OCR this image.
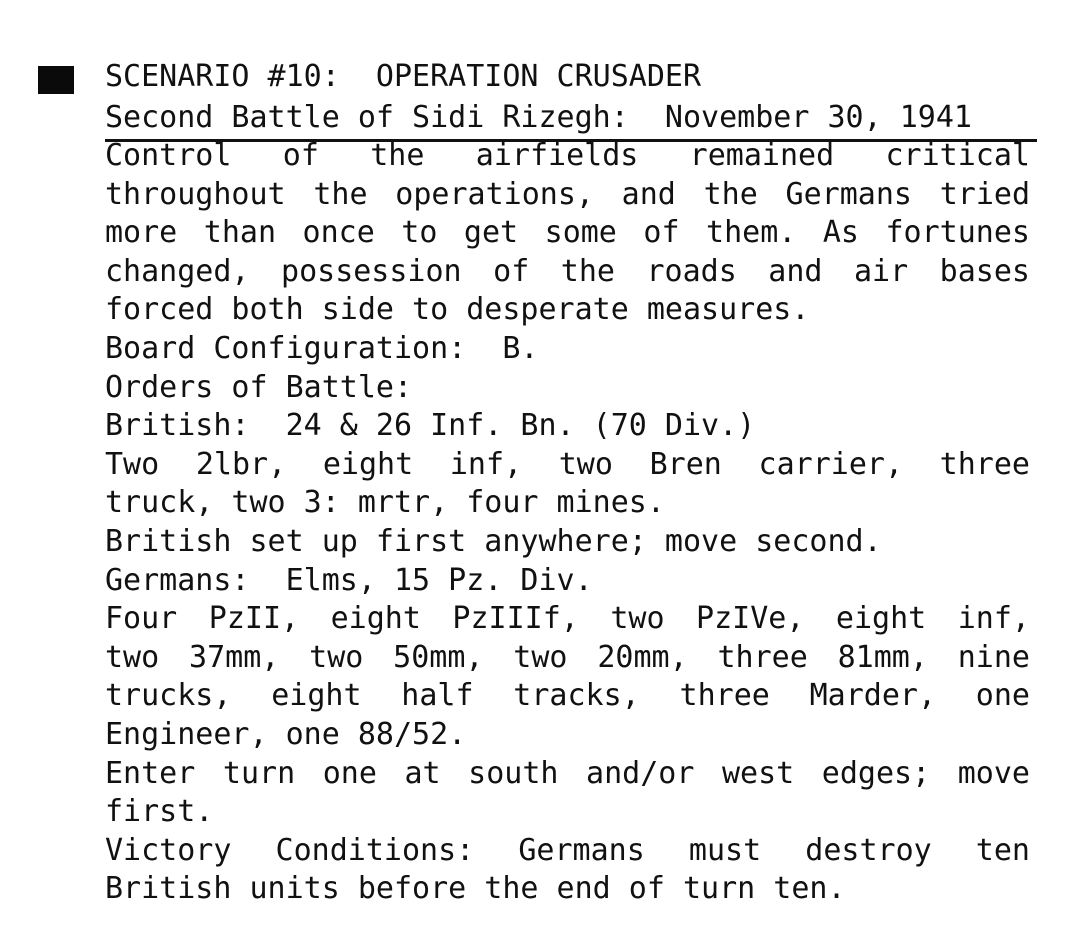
SCENARIO #10:  OPERATION CRUSADER
Second Battle of Sidi Rizegh:  November 30, 1941
Control of the airfields remained critical
throughout the operations, and the Germans tried
more than once to get some of them. As fortunes
changed, possession of the roads and air bases
forced both side to desperate measures.
Board Configuration:  B.
Orders of Battle:
British:  24 & 26 Inf. Bn. (70 Div.)
Two 2lbr, eight inf, two Bren carrier, three
truck, two 3: mrtr, four mines.
British set up first anywhere; move second.
Germans:  Elms, 15 Pz. Div.
Four PzII, eight PzIIIf, two PzIVe, eight inf,
two 37mm, two 50mm, two 20mm, three 81mm, nine
trucks, eight half tracks, three Marder, one
Engineer, one 88/52.
Enter turn one at south and/or west edges; move
first.
Victory Conditions: Germans must destroy ten
British units before the end of turn ten.
